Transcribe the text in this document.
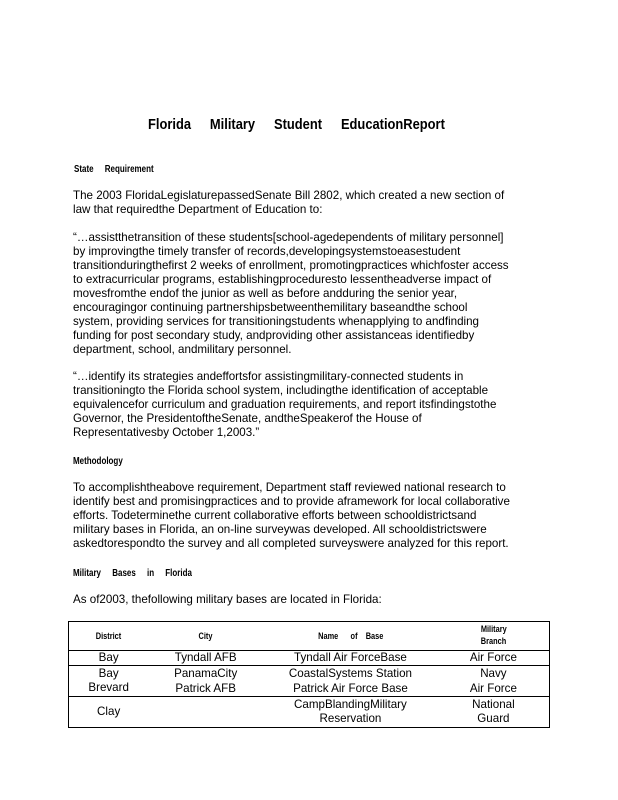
Florida Military Student EducationReport
State Requirement
The 2003 FloridaLegislaturepassedSenate Bill 2802, which created a new section of
law that requiredthe Department of Education to:
“…assistthetransition of these students[school-agedependents of military personnel]
by improvingthe timely transfer of records,developingsystemstoeasestudent
transitionduringthefirst 2 weeks of enrollment, promotingpractices whichfoster access
to extracurricular programs, establishingproceduresto lessentheadverse impact of
movesfromthe endof the junior as well as before andduring the senior year,
encouragingor continuing partnershipsbetweenthemilitary baseandthe school
system, providing services for transitioningstudents whenapplying to andfinding
funding for post secondary study, andproviding other assistanceas identifiedby
department, school, andmilitary personnel.
“…identify its strategies andeffortsfor assistingmilitary-connected students in
transitioningto the Florida school system, includingthe identification of acceptable
equivalencefor curriculum and graduation requirements, and report itsfindingstothe
Governor, the PresidentoftheSenate, andtheSpeakerof the House of
Representativesby October 1,2003.”
Methodology
To accomplishtheabove requirement, Department staff reviewed national research to
identify best and promisingpractices and to provide aframework for local collaborative
efforts. Todeterminethe current collaborative efforts between schooldistrictsand
military bases in Florida, an on-line surveywas developed. All schooldistrictswere
askedtorespondto the survey and all completed surveyswere analyzed for this report.
Military Bases in Florida
As of2003, thefollowing military bases are located in Florida:
District	City	Name      of    Base	Military
Branch
Bay	Tyndall AFB	Tyndall Air ForceBase	Air Force
Bay	PanamaCity	CoastalSystems Station	Navy
Brevard	Patrick AFB	Patrick Air Force Base	Air Force
Clay		CampBlandingMilitary Reservation	National
Guard
